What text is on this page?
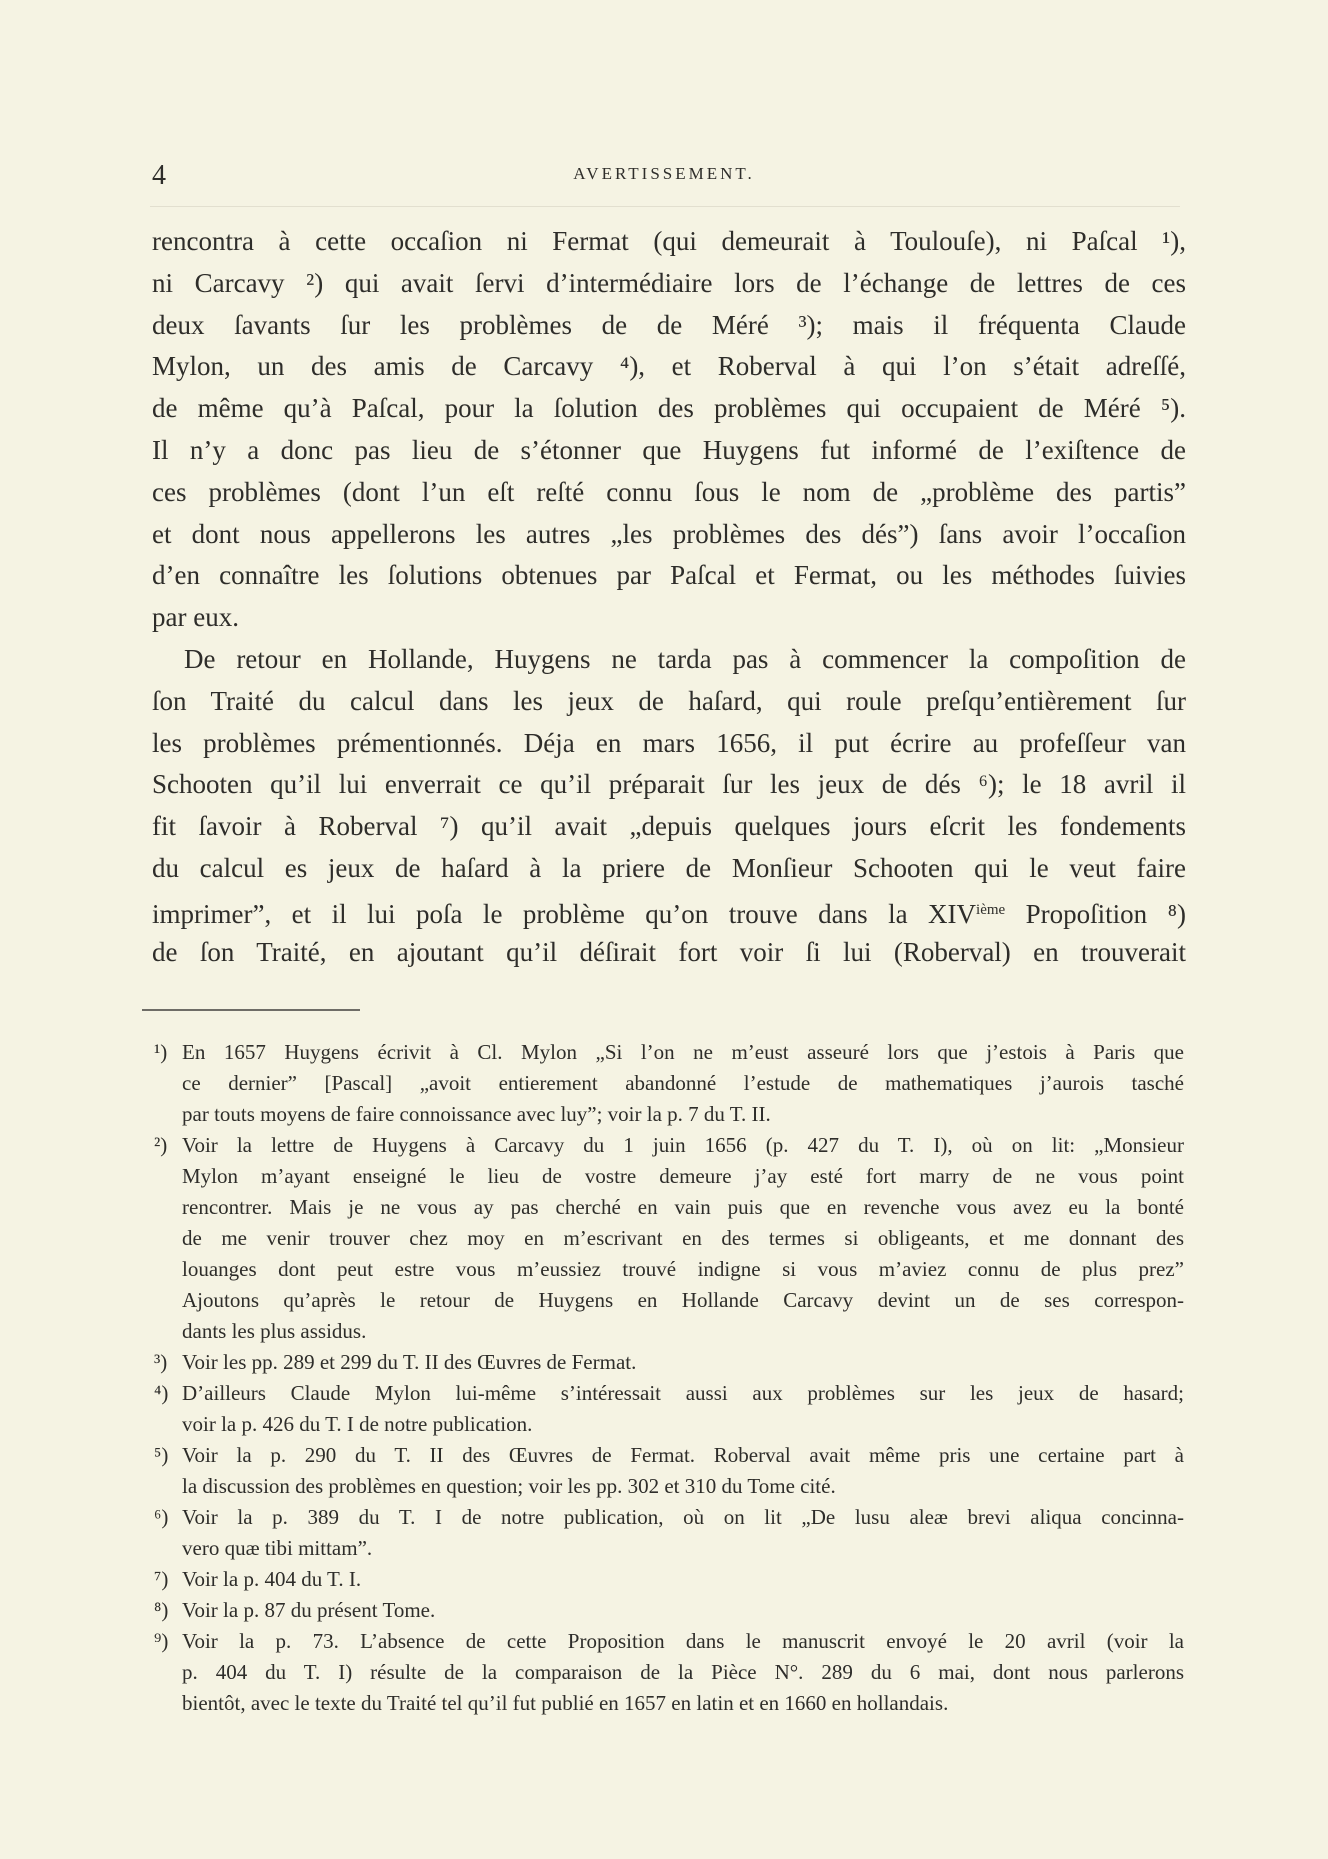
4	AVERTISSEMENT.
rencontra à cette occaſion ni Fermat (qui demeurait à Toulouſe), ni Paſcal ¹),
ni Carcavy ²) qui avait ſervi d’intermédiaire lors de l’échange de lettres de ces
deux ſavants ſur les problèmes de de Méré ³); mais il fréquenta Claude
Mylon, un des amis de Carcavy ⁴), et Roberval à qui l’on s’était adreſſé,
de même qu’à Paſcal, pour la ſolution des problèmes qui occupaient de Méré ⁵).
Il n’y a donc pas lieu de s’étonner que Huygens fut informé de l’exiſtence de
ces problèmes (dont l’un eſt reſté connu ſous le nom de „problème des partis”
et dont nous appellerons les autres „les problèmes des dés”) ſans avoir l’occaſion
d’en connaître les ſolutions obtenues par Paſcal et Fermat, ou les méthodes ſuivies
par eux.
De retour en Hollande, Huygens ne tarda pas à commencer la compoſition de
ſon Traité du calcul dans les jeux de haſard, qui roule preſqu’entièrement ſur
les problèmes prémentionnés. Déja en mars 1656, il put écrire au profeſſeur van
Schooten qu’il lui enverrait ce qu’il préparait ſur les jeux de dés ⁶); le 18 avril il
fit ſavoir à Roberval ⁷) qu’il avait „depuis quelques jours eſcrit les fondements
du calcul es jeux de haſard à la priere de Monſieur Schooten qui le veut faire
imprimer”, et il lui poſa le problème qu’on trouve dans la XIVième Propoſition ⁸)
de ſon Traité, en ajoutant qu’il déſirait fort voir ſi lui (Roberval) en trouverait
¹) En 1657 Huygens écrivit à Cl. Mylon „Si l’on ne m’eust asseuré lors que j’estois à Paris que
ce dernier” [Pascal] „avoit entierement abandonné l’estude de mathematiques j’aurois tasché
par touts moyens de faire connoissance avec luy”; voir la p. 7 du T. II.
²) Voir la lettre de Huygens à Carcavy du 1 juin 1656 (p. 427 du T. I), où on lit: „Monsieur
Mylon m’ayant enseigné le lieu de vostre demeure j’ay esté fort marry de ne vous point
rencontrer. Mais je ne vous ay pas cherché en vain puis que en revenche vous avez eu la bonté
de me venir trouver chez moy en m’escrivant en des termes si obligeants, et me donnant des
louanges dont peut estre vous m’eussiez trouvé indigne si vous m’aviez connu de plus prez”
Ajoutons qu’après le retour de Huygens en Hollande Carcavy devint un de ses correspon-
dants les plus assidus.
³) Voir les pp. 289 et 299 du T. II des Œuvres de Fermat.
⁴) D’ailleurs Claude Mylon lui-même s’intéressait aussi aux problèmes sur les jeux de hasard;
voir la p. 426 du T. I de notre publication.
⁵) Voir la p. 290 du T. II des Œuvres de Fermat. Roberval avait même pris une certaine part à
la discussion des problèmes en question; voir les pp. 302 et 310 du Tome cité.
⁶) Voir la p. 389 du T. I de notre publication, où on lit „De lusu aleæ brevi aliqua concinna-
vero quæ tibi mittam”.
⁷) Voir la p. 404 du T. I.
⁸) Voir la p. 87 du présent Tome.
⁹) Voir la p. 73. L’absence de cette Proposition dans le manuscrit envoyé le 20 avril (voir la
p. 404 du T. I) résulte de la comparaison de la Pièce N°. 289 du 6 mai, dont nous parlerons
bientôt, avec le texte du Traité tel qu’il fut publié en 1657 en latin et en 1660 en hollandais.
